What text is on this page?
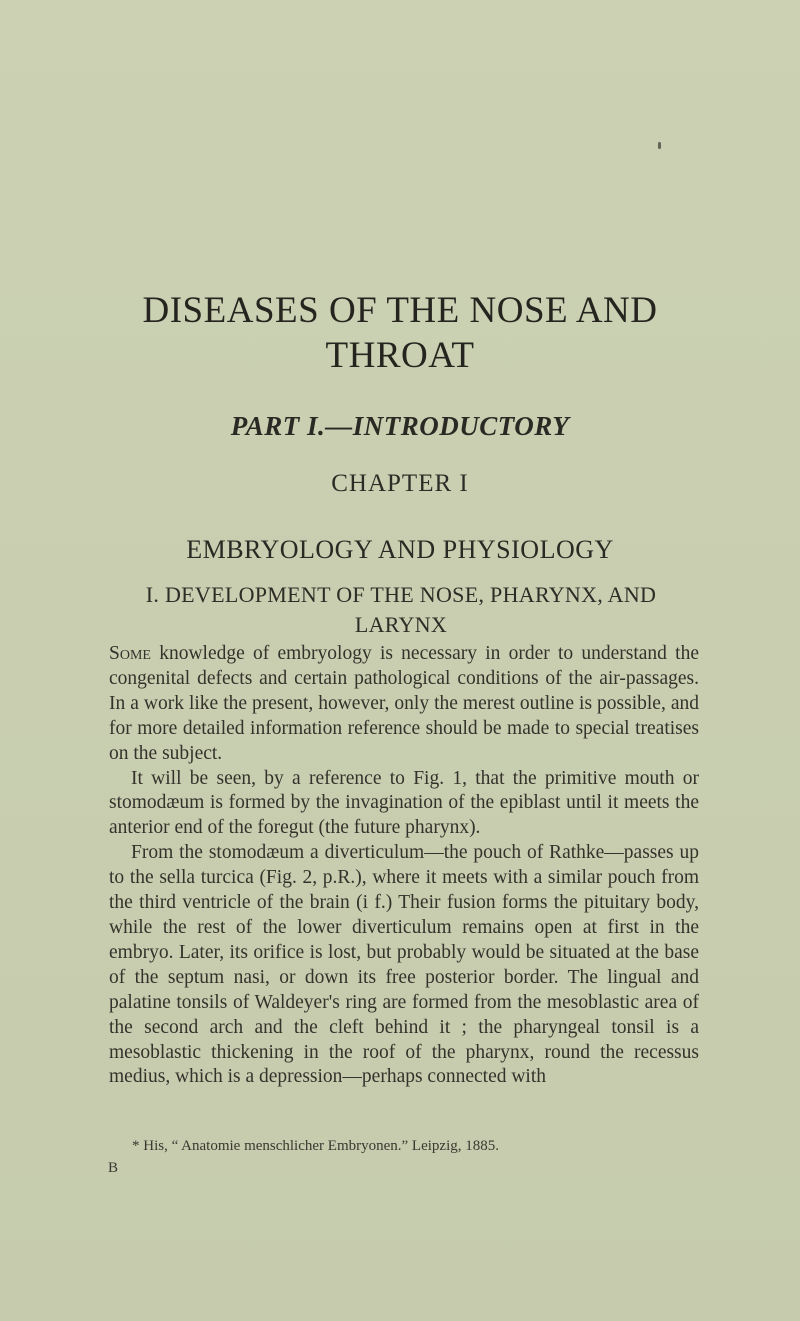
DISEASES OF THE NOSE AND THROAT
PART I.—INTRODUCTORY
CHAPTER I
EMBRYOLOGY AND PHYSIOLOGY
I. DEVELOPMENT OF THE NOSE, PHARYNX, AND LARYNX

Some knowledge of embryology is necessary in order to understand the congenital defects and certain pathological conditions of the air-passages. In a work like the present, however, only the merest outline is possible, and for more detailed information reference should be made to special treatises on the subject.

It will be seen, by a reference to Fig. 1, that the primitive mouth or stomodæum is formed by the invagination of the epiblast until it meets the anterior end of the foregut (the future pharynx).

From the stomodæum a diverticulum—the pouch of Rathke—passes up to the sella turcica (Fig. 2, p.R.), where it meets with a similar pouch from the third ventricle of the brain (i f.) Their fusion forms the pituitary body, while the rest of the lower diverticulum remains open at first in the embryo. Later, its orifice is lost, but probably would be situated at the base of the septum nasi, or down its free posterior border. The lingual and palatine tonsils of Waldeyer's ring are formed from the mesoblastic area of the second arch and the cleft behind it ; the pharyngeal tonsil is a mesoblastic thickening in the roof of the pharynx, round the recessus medius, which is a depression—perhaps connected with

* His, “ Anatomie menschlicher Embryonen.” Leipzig, 1885.

B
